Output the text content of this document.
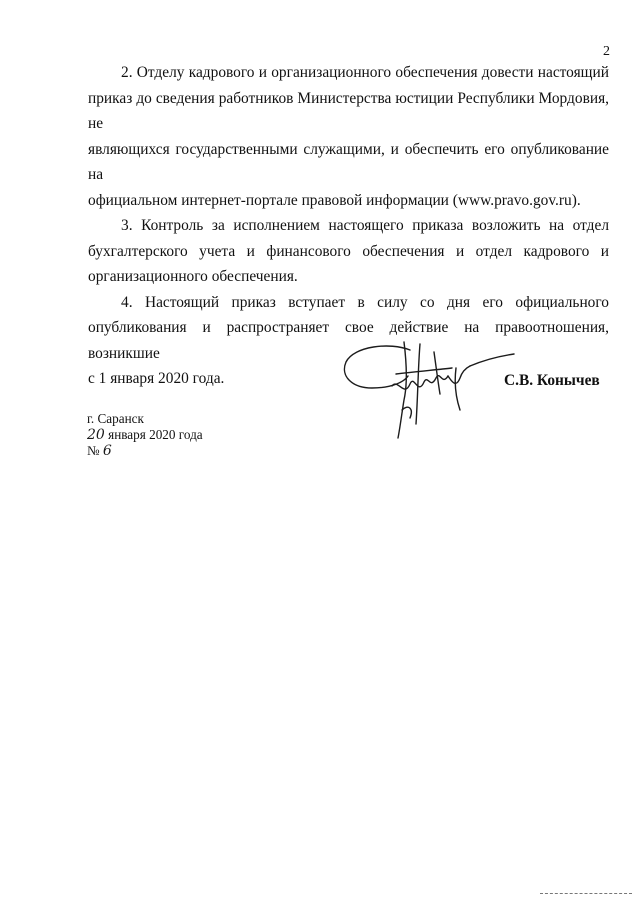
2

2. Отделу кадрового и организационного обеспечения довести настоящий
приказ до сведения работников Министерства юстиции Республики Мордовия, не
являющихся государственными служащими, и обеспечить его опубликование на
официальном интернет-портале правовой информации (www.pravo.gov.ru).

3. Контроль за исполнением настоящего приказа возложить на отдел
бухгалтерского учета и финансового обеспечения и отдел кадрового и
организационного обеспечения.

4. Настоящий приказ вступает в силу со дня его официального
опубликования и распространяет свое действие на правоотношения, возникшие
с 1 января 2020 года.	С.В. Конычев
г. Саранск
20 января 2020 года
№ 6
